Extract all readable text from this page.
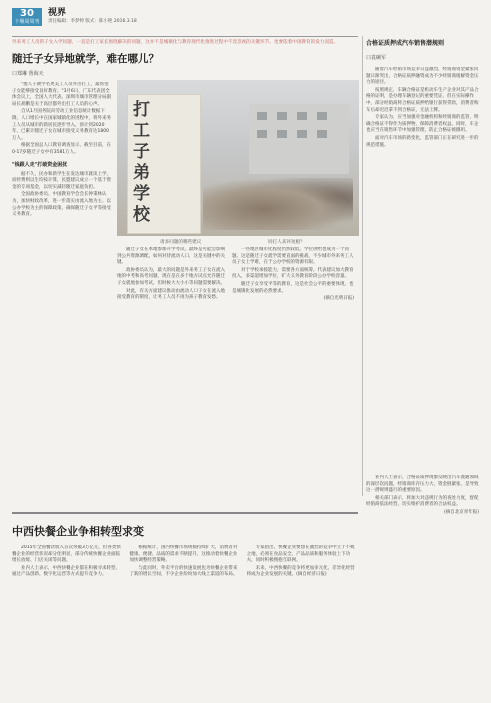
30
十堰周周刊
视界
责任编辑：李梦婷 版式：陈小艳 2016.3.18
外来务工人员的子女入学问题，一直是打工家长围绕解决的问题，这并不是城镇化与教育现代化推进过程中不容忽视的关键环节。也要依着中国教育的发力而造。
随迁子女异地就学，难在哪儿？
口郑琳 鲁海天

"他人子教学名更美工人员外出打工，最希望子女能够接受良好教育。"3月6日，广东代表团全体会议上，全国人大代表、深圳市城市管理分局副局长胡鹏是关于高层都外出打工人员的心声。

自从1月国务院向劳动工业信息统计数据下降，人口增长中在国家城镇化的进程中，将外来务工人员从城市的新居民逐步导入，预计到2020年，已累计随迁子女在城市接受义务教育达1800万人。

根据全国总人口教育调查显示，截至目前，在0-17岁随迁子女中有3581万人。

"钱跟人走"打破资金困扰

据不久，民办和新学生在发达城市就读上学，而经费则以生均按计算，民盟建议成立一个基于资金的专项基金，以切实减轻随迁家庭负担。

全国政协委员、中国教育学会会长钟秉林认为，加快财政改革，进一步落实由流入地为主、以公办学校为主的保障政策，确保随迁子女平等接受义务教育。

打工子弟学校
请多问题的哪些建议	同打人来补短板？

随迁子女在本地参加升学考试，最终是可能会影响到公共资源调配。如何对待流动人口，这是关键中的关键。

政协委员认为，最大的问题是外来务工子女在流入地的中考和高考问题，现在是在多个地方试点允许随迁子女就地参加考试，但时候大大小小等问题需要解决。

对此，有关方面建议推动由流动人口子女在流入地接受教育的制度，让务工人员不再为孩子教育发愁。

一些地区城市化程度仍然较低，学位供给也成为一个问题。这是随迁子女就学需要直面的挑战，不少城市外来务工人员子女上学难，在于公办学校的资源有限。

对于学校承接能力，需要各方面统筹。代表建议加大教育投入，多渠道增加学位，扩大义务教育阶段公办学校容量。

随迁子女享受平等的教育，这是社会公平的重要体现，也是城镇化发展的必然要求。

(摘自光明日报)

合格证质押成汽车销售潜规则
口袁碗军

随着汽车经销市场竞争日益激烈，经销商资金紧张问题日渐突出，合格证质押融资成为不少经销商缓解资金压力的途径。

按照规定，车辆合格证是机动车生产企业对其产品合格的证明，是办理车辆登记的重要凭证，但在实际操作中，部分经销商将合格证质押给银行获得贷款，消费者购车后却迟迟拿不到合格证，无法上牌。

专家认为，应当加强对金融机构和经销商的监管，明确合格证不得作为质押物，保障消费者权益。同时，车企也应当在销售环节中加强管理，防止合格证被挪用。

面对汽车市场的新变化，监管部门正在研究进一步的规范措施。

业内人士表示，合格证质押现象反映出汽车流通领域的深层次问题，经销商库存压力大、资金链紧张，是导致这一潜规则盛行的重要原因。

相关部门表示，将加大对违规行为的查处力度，督促经销商依法经营，切实维护消费者的合法权益。

(摘自北京青年报)

中西快餐企业争相转型求变

2015年全国餐饮收入首次突破3万亿元，但各类快餐企业的经营状况却分化明显，部分传统快餐企业面临增长放缓、门店关闭等问题。

业内人士表示，中西快餐企业都在积极寻求转型，通过产品创新、数字化运营等方式提升竞争力。

根据统计，国内快餐市场规模持续扩大，消费者对健康、便捷、品质的需求不断提升，这推动着快餐企业加快调整经营策略。

与此同时，外卖平台的快速发展也为快餐企业带来了新的增长空间，不少企业纷纷加大线上渠道的布局。

专家指出，快餐企业要想在激烈的竞争中立于不败之地，必须在食品安全、产品品质和服务体验上下功夫，同时积极拥抱互联网。

未来，中西快餐的竞争将更加多元化，差异化经营将成为企业发展的关键。(摘自经济日报)
